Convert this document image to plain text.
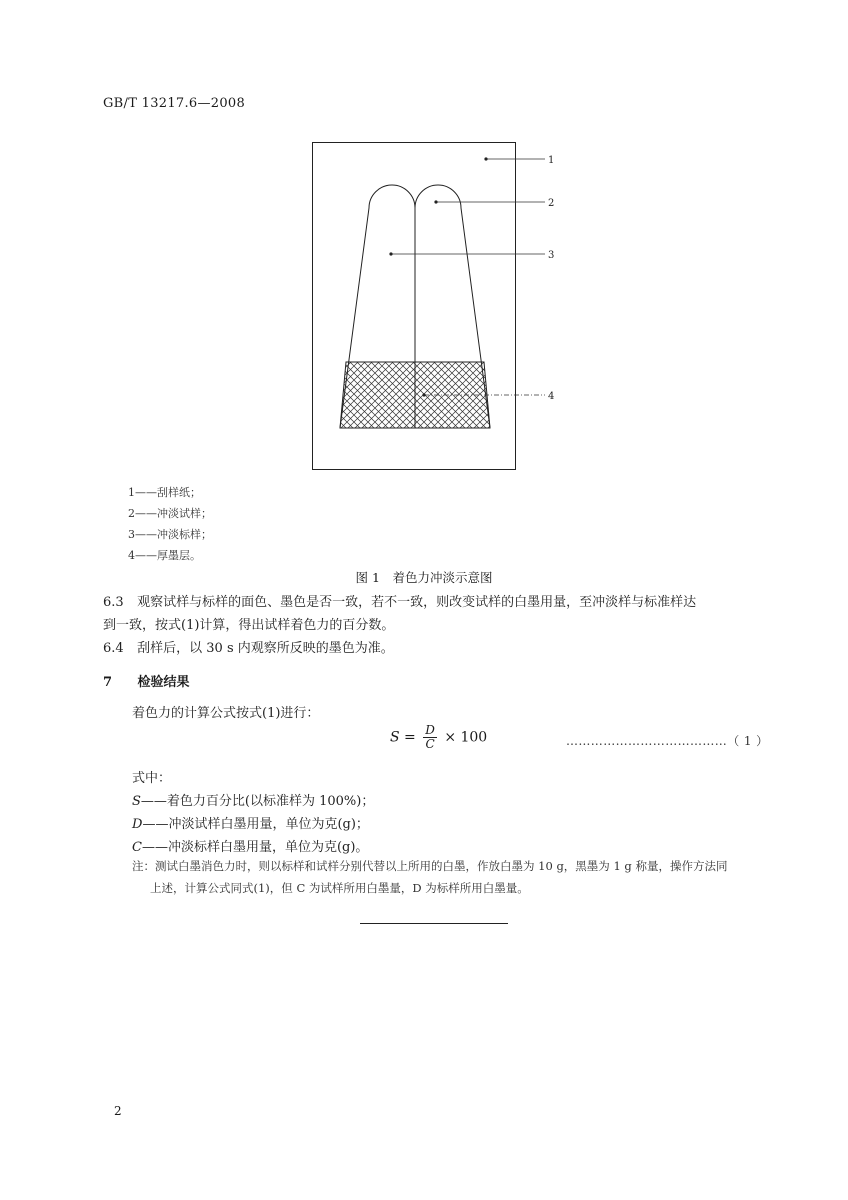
GB/T 13217.6—2008
1
2
3
4
1——刮样纸；
2——冲淡试样；
3——冲淡标样；
4——厚墨层。
图 1　着色力冲淡示意图
6.3 观察试样与标样的面色、墨色是否一致，若不一致，则改变试样的白墨用量，至冲淡样与标准样达
到一致，按式(1)计算，得出试样着色力的百分数。
6.4 刮样后，以 30 s 内观察所反映的墨色为准。
7 检验结果
着色力的计算公式按式(1)进行：
$S = \frac{D}{C} \times 100$	…………………………………（ 1 ）
式中：
S——着色力百分比(以标准样为 100%)；
D——冲淡试样白墨用量，单位为克(g)；
C——冲淡标样白墨用量，单位为克(g)。
注：测试白墨消色力时，则以标样和试样分别代替以上所用的白墨，作放白墨为 10 g，黑墨为 1 g 称量，操作方法同
上述，计算公式同式(1)，但 C 为试样所用白墨量，D 为标样所用白墨量。
2
